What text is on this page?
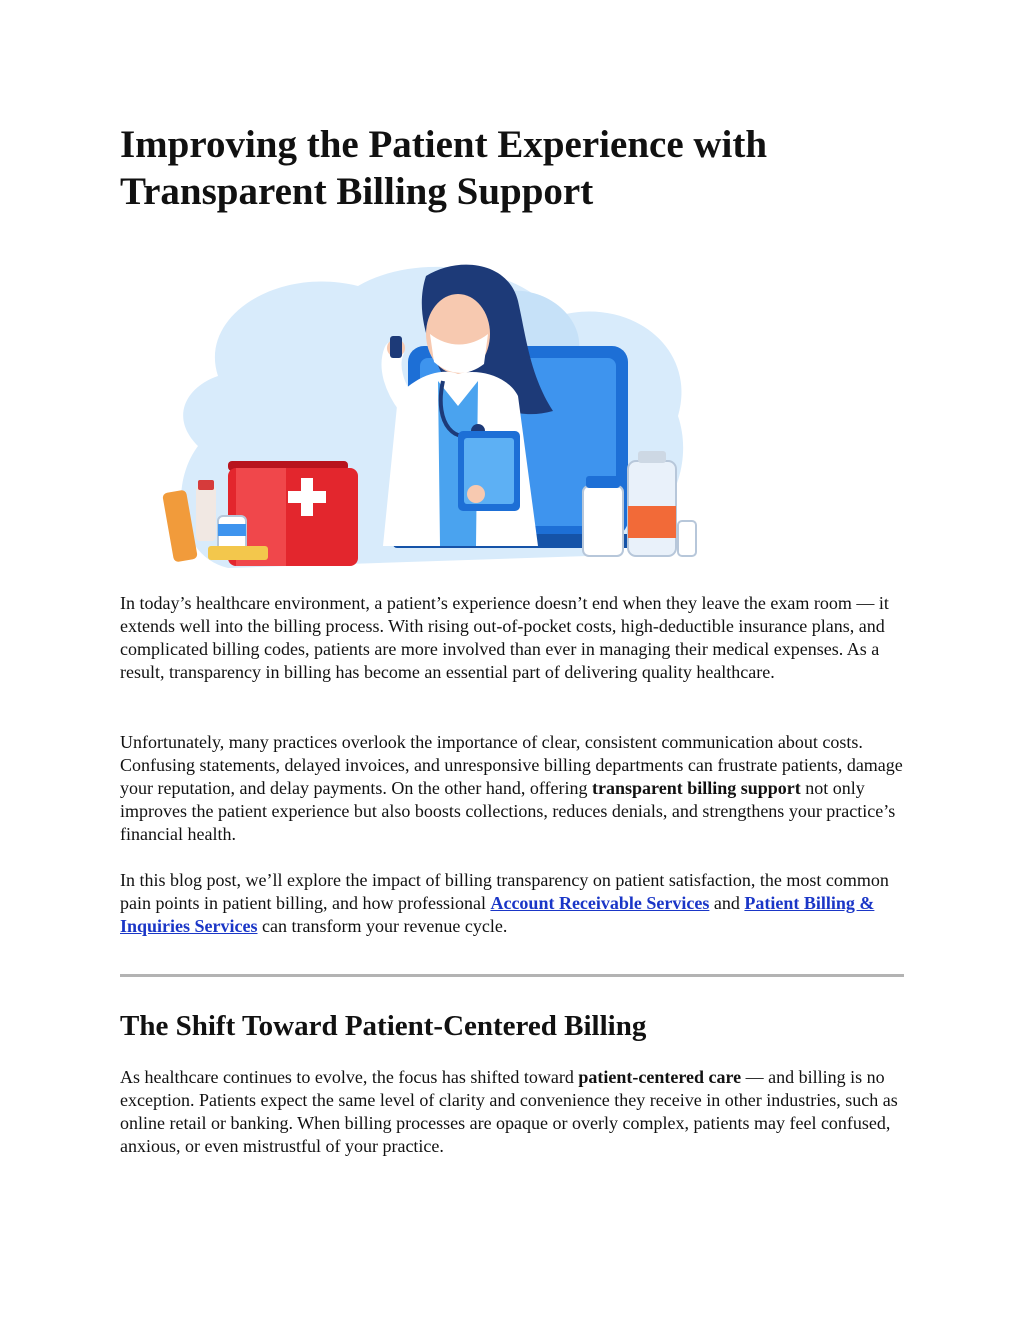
Improving the Patient Experience with Transparent Billing Support

In today’s healthcare environment, a patient’s experience doesn’t end when they leave the exam room — it extends well into the billing process. With rising out-of-pocket costs, high-deductible insurance plans, and complicated billing codes, patients are more involved than ever in managing their medical expenses. As a result, transparency in billing has become an essential part of delivering quality healthcare.

Unfortunately, many practices overlook the importance of clear, consistent communication about costs. Confusing statements, delayed invoices, and unresponsive billing departments can frustrate patients, damage your reputation, and delay payments. On the other hand, offering transparent billing support not only improves the patient experience but also boosts collections, reduces denials, and strengthens your practice’s financial health.

In this blog post, we’ll explore the impact of billing transparency on patient satisfaction, the most common pain points in patient billing, and how professional Account Receivable Services and Patient Billing & Inquiries Services can transform your revenue cycle.

The Shift Toward Patient-Centered Billing

As healthcare continues to evolve, the focus has shifted toward patient-centered care — and billing is no exception. Patients expect the same level of clarity and convenience they receive in other industries, such as online retail or banking. When billing processes are opaque or overly complex, patients may feel confused, anxious, or even mistrustful of your practice.
